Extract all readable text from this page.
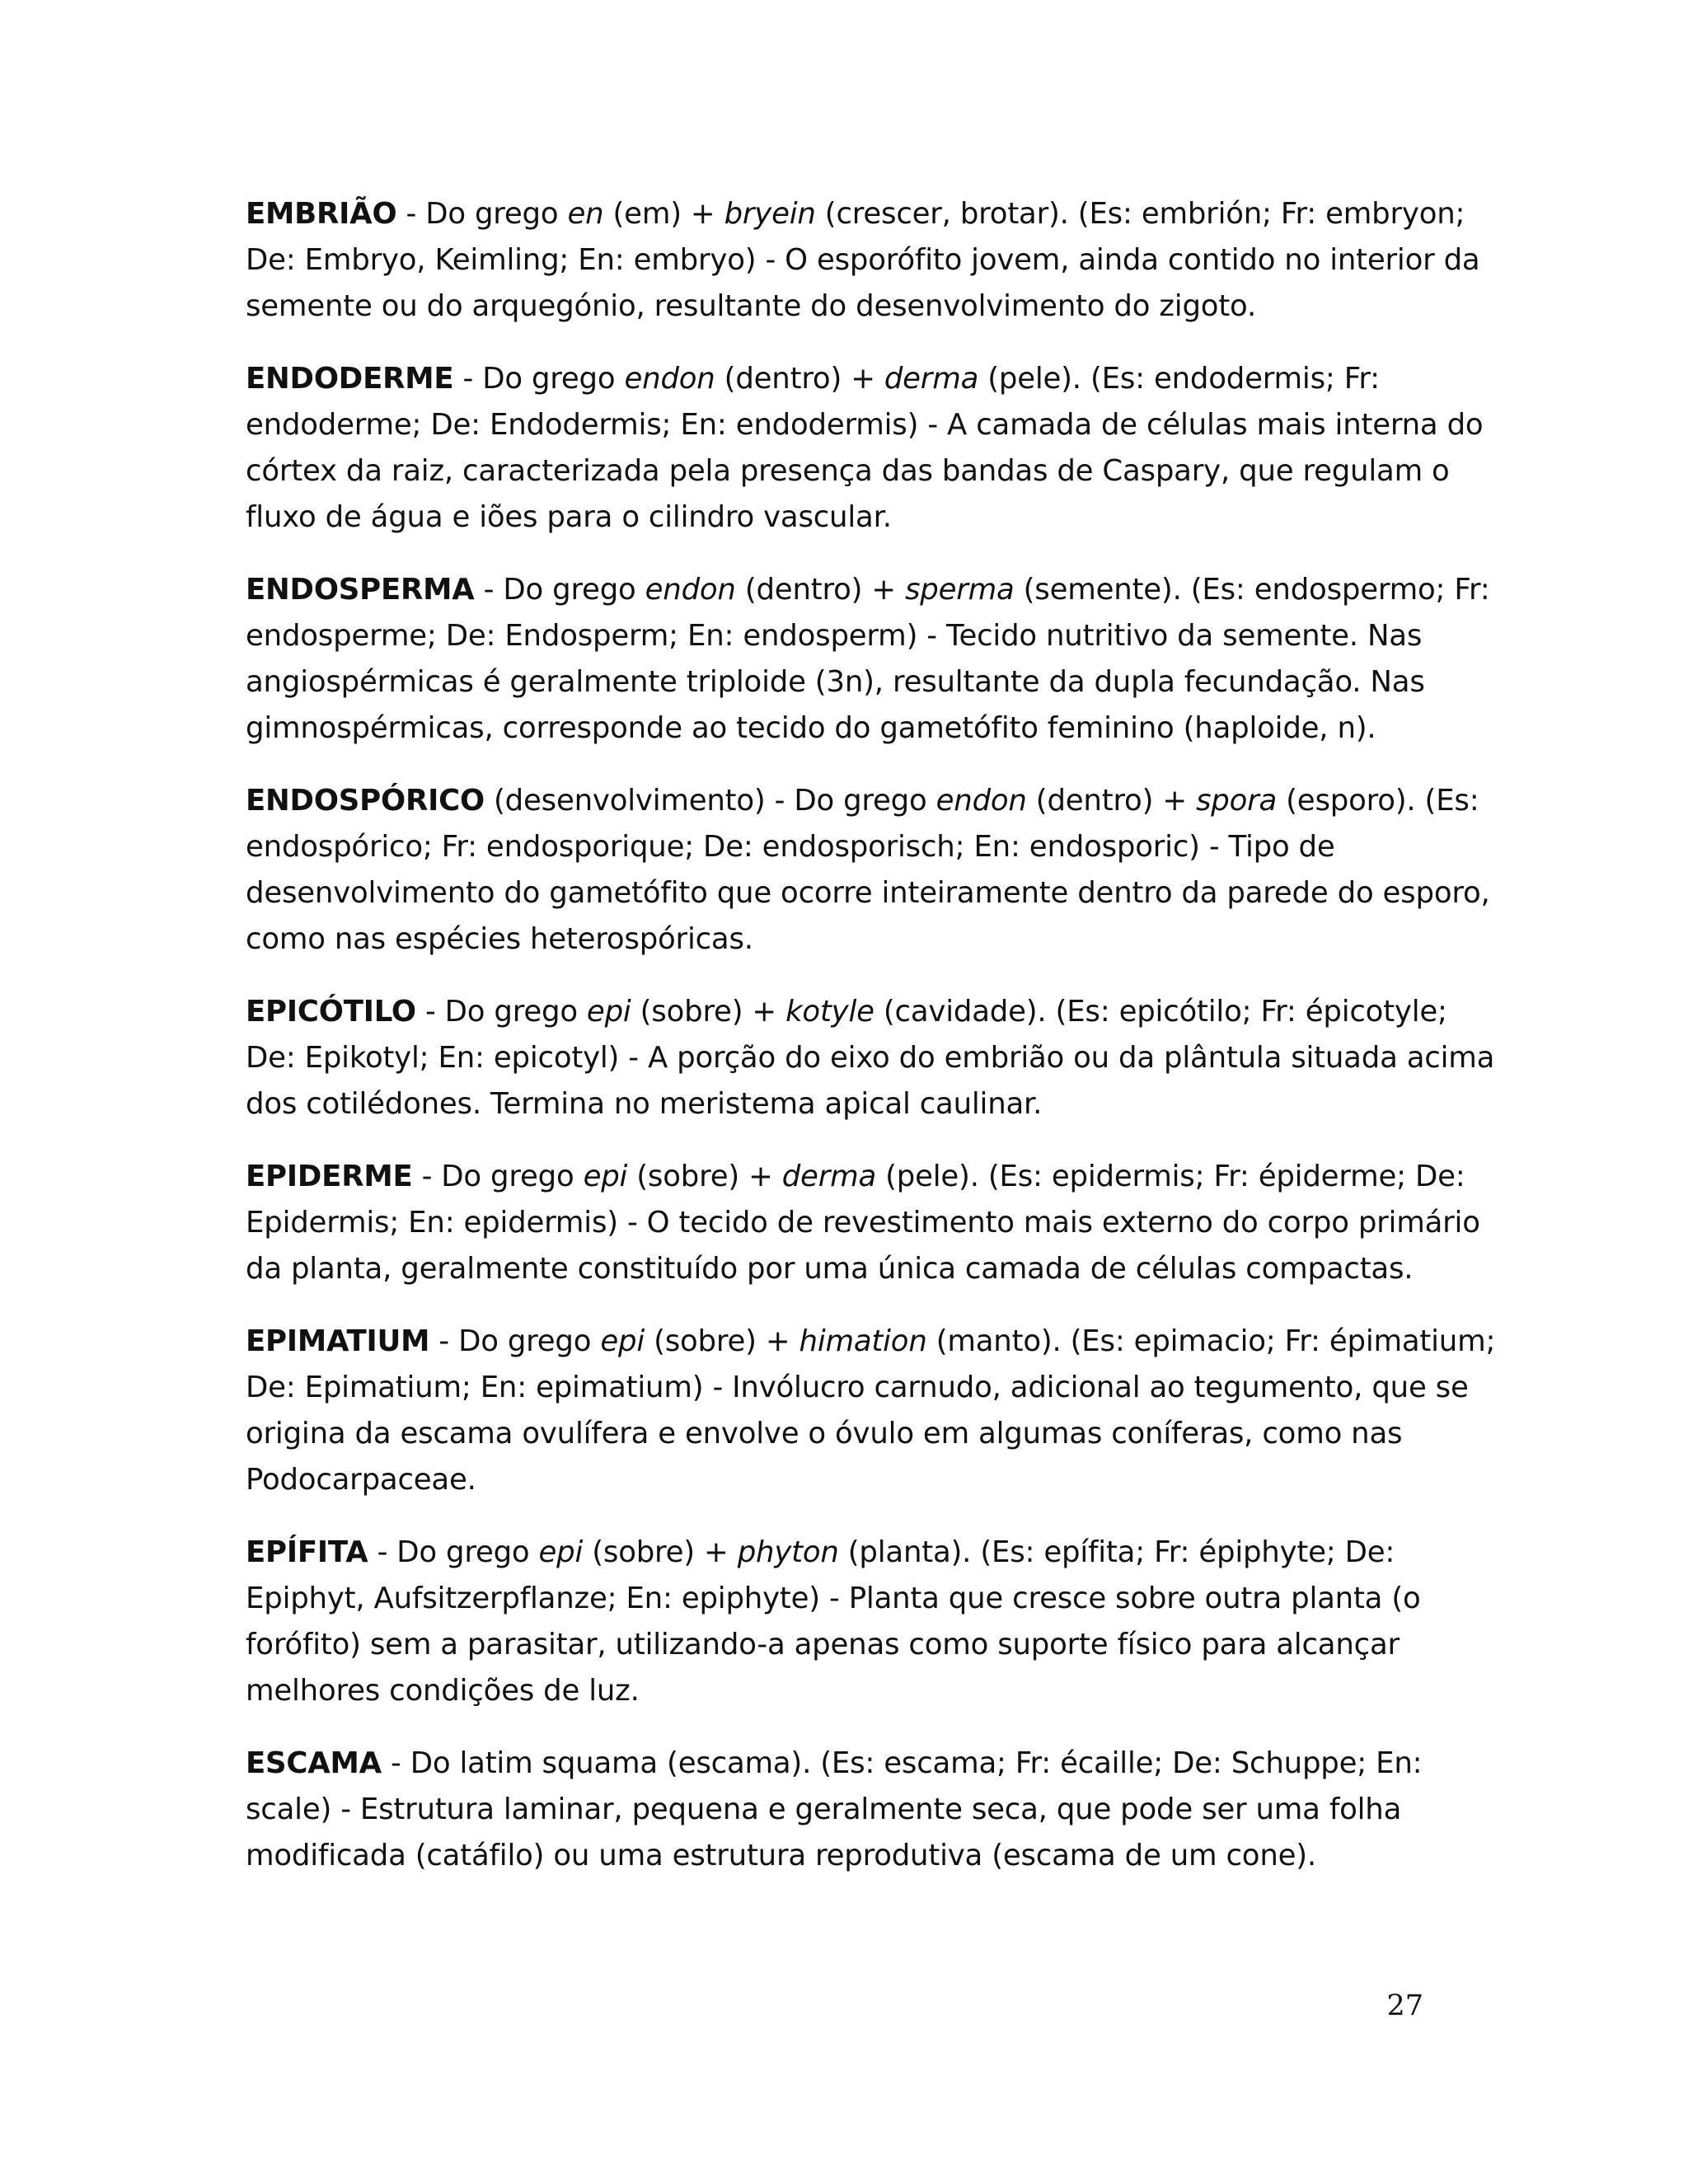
EMBRIÃO - Do grego en (em) + bryein (crescer, brotar). (Es: embrión; Fr: embryon; De: Embryo, Keimling; En: embryo) - O esporófito jovem, ainda contido no interior da semente ou do arquegónio, resultante do desenvolvimento do zigoto.

ENDODERME - Do grego endon (dentro) + derma (pele). (Es: endodermis; Fr: endoderme; De: Endodermis; En: endodermis) - A camada de células mais interna do córtex da raiz, caracterizada pela presença das bandas de Caspary, que regulam o fluxo de água e iões para o cilindro vascular.

ENDOSPERMA - Do grego endon (dentro) + sperma (semente). (Es: endospermo; Fr: endosperme; De: Endosperm; En: endosperm) - Tecido nutritivo da semente. Nas angiospérmicas é geralmente triploide (3n), resultante da dupla fecundação. Nas gimnospérmicas, corresponde ao tecido do gametófito feminino (haploide, n).

ENDOSPÓRICO (desenvolvimento) - Do grego endon (dentro) + spora (esporo). (Es: endospórico; Fr: endosporique; De: endosporisch; En: endosporic) - Tipo de desenvolvimento do gametófito que ocorre inteiramente dentro da parede do esporo, como nas espécies heterospóricas.

EPICÓTILO - Do grego epi (sobre) + kotyle (cavidade). (Es: epicótilo; Fr: épicotyle; De: Epikotyl; En: epicotyl) - A porção do eixo do embrião ou da plântula situada acima dos cotilédones. Termina no meristema apical caulinar.

EPIDERME - Do grego epi (sobre) + derma (pele). (Es: epidermis; Fr: épiderme; De: Epidermis; En: epidermis) - O tecido de revestimento mais externo do corpo primário da planta, geralmente constituído por uma única camada de células compactas.

EPIMATIUM - Do grego epi (sobre) + himation (manto). (Es: epimacio; Fr: épimatium; De: Epimatium; En: epimatium) - Invólucro carnudo, adicional ao tegumento, que se origina da escama ovulífera e envolve o óvulo em algumas coníferas, como nas Podocarpaceae.

EPÍFITA - Do grego epi (sobre) + phyton (planta). (Es: epífita; Fr: épiphyte; De: Epiphyt, Aufsitzerpflanze; En: epiphyte) - Planta que cresce sobre outra planta (o forófito) sem a parasitar, utilizando-a apenas como suporte físico para alcançar melhores condições de luz.

ESCAMA - Do latim squama (escama). (Es: escama; Fr: écaille; De: Schuppe; En: scale) - Estrutura laminar, pequena e geralmente seca, que pode ser uma folha modificada (catáfilo) ou uma estrutura reprodutiva (escama de um cone).

27
